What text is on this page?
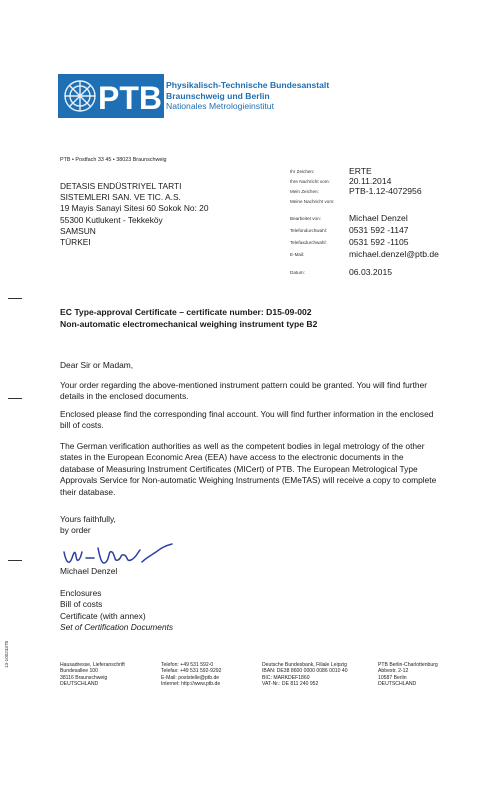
PTB Physikalisch-Technische Bundesanstalt
Braunschweig und Berlin
Nationales Metrologieinstitut
PTB • Postfach 33 45 • 38023 Braunschweig
DETASIS ENDÜSTRIYEL TARTI
SISTEMLERI SAN. VE TIC. A.S.
19 Mayis Sanayi Sitesi 60 Sokok No: 20
55300 Kutlukent - Tekkeköy
SAMSUN
TÜRKEI
Ihr Zeichen:	ERTE
Ihre Nachricht vom: 20.11.2014
Mein Zeichen:	PTB-1.12-4072956
Meine Nachricht vom:
Bearbeitet von:	Michael Denzel
Telefondurchwahl:	0531 592 -1147
Telefaxdurchwahl:	0531 592 -1105
E-Mail:	michael.denzel@ptb.de
Datum:	06.03.2015
EC Type-approval Certificate – certificate number: D15-09-002
Non-automatic electromechanical weighing instrument type B2
Dear Sir or Madam,
Your order regarding the above-mentioned instrument pattern could be granted. You will find further
details in the enclosed documents.
Enclosed please find the corresponding final account. You will find further information in the enclosed
bill of costs.
The German verification authorities as well as the competent bodies in legal metrology of the other
states in the European Economic Area (EEA) have access to the electronic documents in the
database of Measuring Instrument Certificates (MICert) of PTB. The European Metrological Type
Approvals Service for Non-automatic Weighing Instruments (EMeTAS) will receive a copy to complete
their database.
Yours faithfully,
by order
Michael Denzel
Enclosures
Bill of costs
Certificate (with annex)
Set of Certification Documents
13-10023378	Hausadresse, Lieferanschrift
Bundesallee 100
38116 Braunschweig
DEUTSCHLAND
Telefon: +49 531 592-0
Telefax: +49 531 592-9292
E-Mail: poststelle@ptb.de
Internet: http://www.ptb.de
Deutsche Bundesbank, Filiale Leipzig
IBAN: DE38 8600 0000 0086 0010 40
BIC: MARKDEF1860
VAT-Nr.: DE 811 240 952
PTB Berlin-Charlottenburg
Abbestr. 2-12
10587 Berlin
DEUTSCHLAND
